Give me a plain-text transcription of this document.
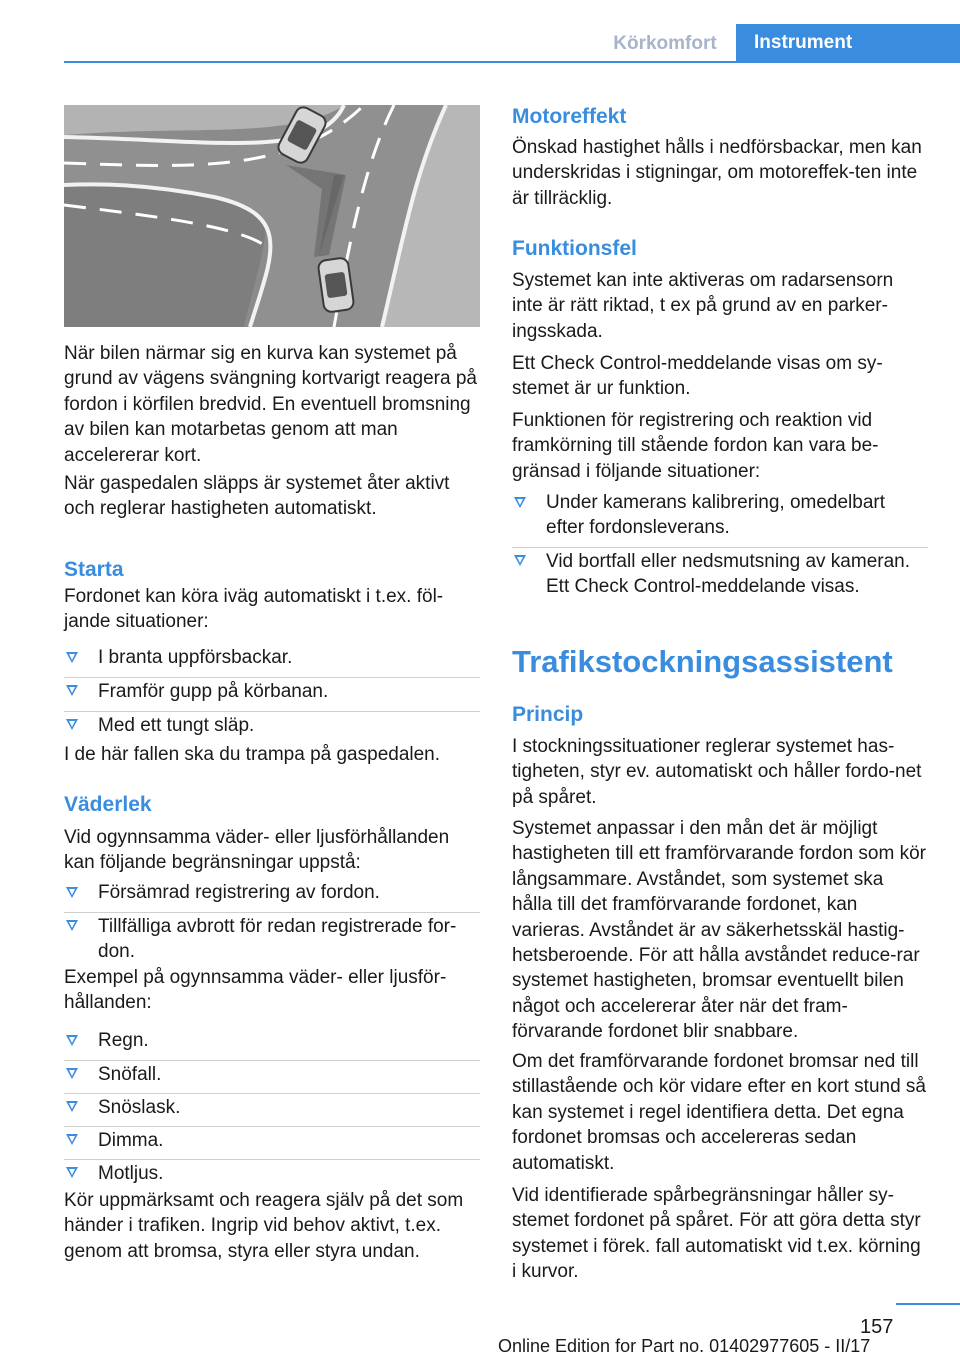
Körkomfort	Instrument

När bilen närmar sig en kurva kan systemet på grund av vägens svängning kortvarigt reagera på fordon i körfilen bredvid. En eventuell bromsning av bilen kan motarbetas genom att man accelererar kort.

När gaspedalen släpps är systemet åter aktivt och reglerar hastigheten automatiskt.

Starta

Fordonet kan köra iväg automatiskt i t.ex. föl-jande situationer:

I branta uppförsbackar.
Framför gupp på körbanan.
Med ett tungt släp.

I de här fallen ska du trampa på gaspedalen.

Väderlek

Vid ogynnsamma väder- eller ljusförhållanden kan följande begränsningar uppstå:

Försämrad registrering av fordon.
Tillfälliga avbrott för redan registrerade for-don.

Exempel på ogynnsamma väder- eller ljusför-hållanden:

Regn.
Snöfall.
Snöslask.
Dimma.
Motljus.

Kör uppmärksamt och reagera själv på det som händer i trafiken. Ingrip vid behov aktivt, t.ex. genom att bromsa, styra eller styra undan.

Motoreffekt

Önskad hastighet hålls i nedförsbackar, men kan underskridas i stigningar, om motoreffek-ten inte är tillräcklig.

Funktionsfel

Systemet kan inte aktiveras om radarsensorn inte är rätt riktad, t ex på grund av en parker-ingsskada.

Ett Check Control-meddelande visas om sy-stemet är ur funktion.

Funktionen för registrering och reaktion vid framkörning till stående fordon kan vara be-gränsad i följande situationer:

Under kamerans kalibrering, omedelbart efter fordonsleverans.
Vid bortfall eller nedsmutsning av kameran. Ett Check Control-meddelande visas.
Trafikstockningsassistent
Princip

I stockningssituationer reglerar systemet has-tigheten, styr ev. automatiskt och håller fordo-net på spåret.

Systemet anpassar i den mån det är möjligt hastigheten till ett framförvarande fordon som kör långsammare. Avståndet, som systemet ska hålla till det framförvarande fordonet, kan varieras. Avståndet är av säkerhetsskäl hastig-hetsberoende. För att hålla avståndet reduce-rar systemet hastigheten, bromsar eventuellt bilen något och accelererar åter när det fram-förvarande fordonet blir snabbare.

Om det framförvarande fordonet bromsar ned till stillastående och kör vidare efter en kort stund så kan systemet i regel identifiera detta. Det egna fordonet bromsas och accelereras sedan automatiskt.

Vid identifierade spårbegränsningar håller sy-stemet fordonet på spåret. För att göra detta styr systemet i förek. fall automatiskt vid t.ex. körning i kurvor.

157
Online Edition for Part no. 01402977605 - II/17
